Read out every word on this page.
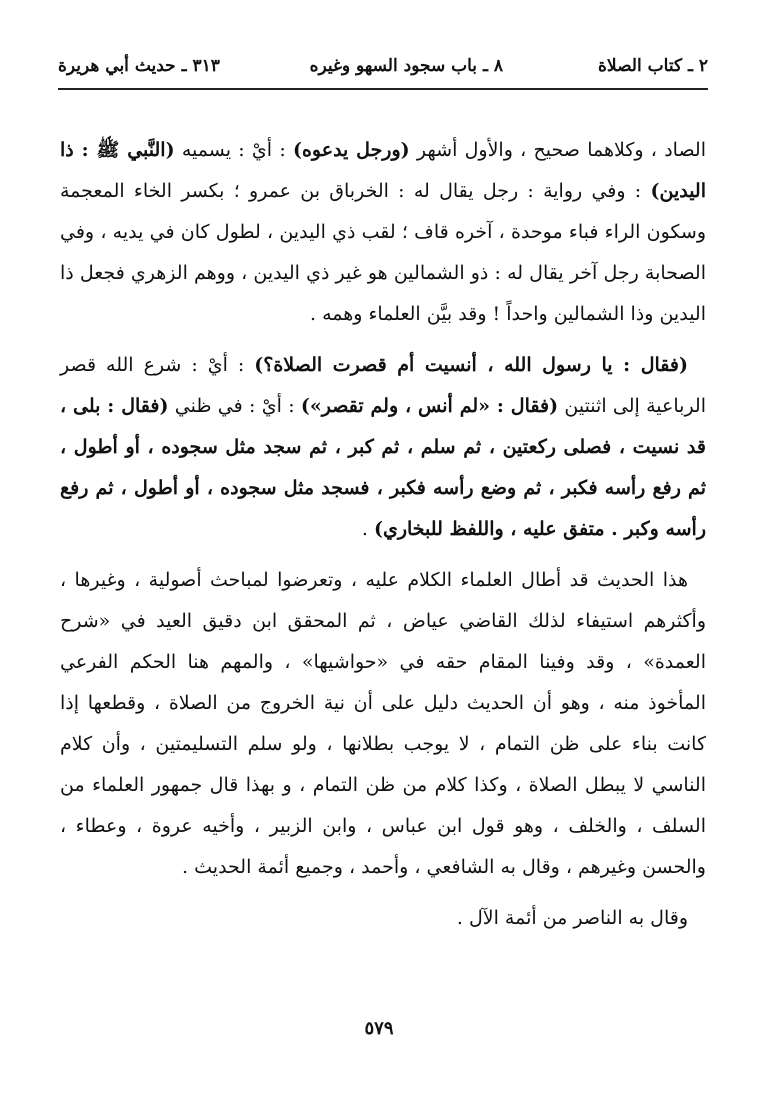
٢ ـ كتاب الصلاة
٨ ـ باب سجود السهو وغيره
٣١٣ ـ حديث أبي هريرة

الصاد ، وكلاهما صحيح ، والأول أشهر (ورجل يدعوه) : أيْ : يسميه (النَّبي ﷺ : ذا اليدين) : وفي رواية : رجل يقال له : الخرباق بن عمرو ؛ بكسر الخاء المعجمة وسكون الراء فباء موحدة ، آخره قاف ؛ لقب ذي اليدين ، لطول كان في يديه ، وفي الصحابة رجل آخر يقال له : ذو الشمالين هو غير ذي اليدين ، ووهم الزهري فجعل ذا اليدين وذا الشمالين واحداً ! وقد بيَّن العلماء وهمه .

(فقال : يا رسول الله ، أنسيت أم قصرت الصلاة؟) : أيْ : شرع الله قصر الرباعية إلى اثنتين (فقال : «لم أنس ، ولم تقصر») : أيْ : في ظني (فقال : بلى ، قد نسيت ، فصلى ركعتين ، ثم سلم ، ثم كبر ، ثم سجد مثل سجوده ، أو أطول ، ثم رفع رأسه فكبر ، ثم وضع رأسه فكبر ، فسجد مثل سجوده ، أو أطول ، ثم رفع رأسه وكبر . متفق عليه ، واللفظ للبخاري) .

هذا الحديث قد أطال العلماء الكلام عليه ، وتعرضوا لمباحث أصولية ، وغيرها ، وأكثرهم استيفاء لذلك القاضي عياض ، ثم المحقق ابن دقيق العيد في «شرح العمدة» ، وقد وفينا المقام حقه في «حواشيها» ، والمهم هنا الحكم الفرعي المأخوذ منه ، وهو أن الحديث دليل على أن نية الخروج من الصلاة ، وقطعها إذا كانت بناء على ظن التمام ، لا يوجب بطلانها ، ولو سلم التسليمتين ، وأن كلام الناسي لا يبطل الصلاة ، وكذا كلام من ظن التمام ، و بهذا قال جمهور العلماء من السلف ، والخلف ، وهو قول ابن عباس ، وابن الزبير ، وأخيه عروة ، وعطاء ، والحسن وغيرهم ، وقال به الشافعي ، وأحمد ، وجميع أئمة الحديث .

وقال به الناصر من أئمة الآل .

٥٧٩
